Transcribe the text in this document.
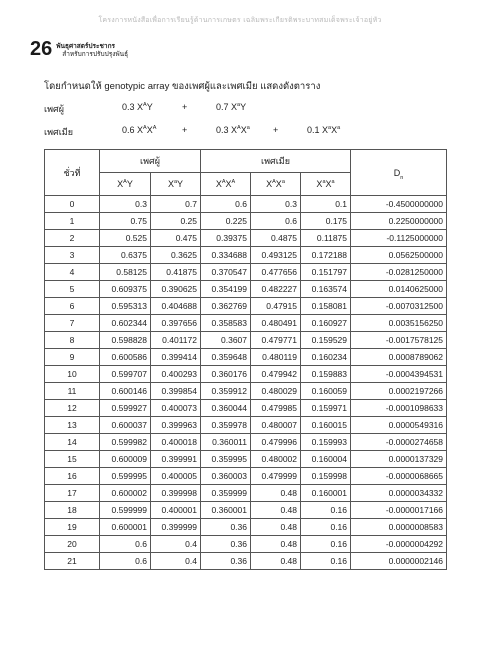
โครงการหนังสือเพื่อการเรียนรู้ด้านการเกษตร เฉลิมพระเกียรติพระบาทสมเด็จพระเจ้าอยู่หัว
26 พันธุศาสตร์ประชากร
สำหรับการปรับปรุงพันธุ์
โดยกำหนดให้ genotypic array ของเพศผู้และเพศเมีย แสดงดังตาราง
เพศผู้	0.3 $X^AY$	+	0.7 $X^aY$
เพศเมีย	0.6 $X^AX^A$	+	0.3 $X^AX^a$	+	0.1 $X^aX^a$
ชั่วที่	เพศผู้		เพศเมีย			$D_n$
	$X^AY$	$X^aY$	$X^AX^A$	$X^AX^a$	$X^aX^a$
0	0.3	0.7	0.6	0.3	0.1	-0.4500000000
1	0.75	0.25	0.225	0.6	0.175	0.2250000000
2	0.525	0.475	0.39375	0.4875	0.11875	-0.1125000000
3	0.6375	0.3625	0.334688	0.493125	0.172188	0.0562500000
4	0.58125	0.41875	0.370547	0.477656	0.151797	-0.0281250000
5	0.609375	0.390625	0.354199	0.482227	0.163574	0.0140625000
6	0.595313	0.404688	0.362769	0.47915	0.158081	-0.0070312500
7	0.602344	0.397656	0.358583	0.480491	0.160927	0.0035156250
8	0.598828	0.401172	0.3607	0.479771	0.159529	-0.0017578125
9	0.600586	0.399414	0.359648	0.480119	0.160234	0.0008789062
10	0.599707	0.400293	0.360176	0.479942	0.159883	-0.0004394531
11	0.600146	0.399854	0.359912	0.480029	0.160059	0.0002197266
12	0.599927	0.400073	0.360044	0.479985	0.159971	-0.0001098633
13	0.600037	0.399963	0.359978	0.480007	0.160015	0.0000549316
14	0.599982	0.400018	0.360011	0.479996	0.159993	-0.0000274658
15	0.600009	0.399991	0.359995	0.480002	0.160004	0.0000137329
16	0.599995	0.400005	0.360003	0.479999	0.159998	-0.0000068665
17	0.600002	0.399998	0.359999	0.48	0.160001	0.0000034332
18	0.599999	0.400001	0.360001	0.48	0.16	-0.0000017166
19	0.600001	0.399999	0.36	0.48	0.16	0.0000008583
20	0.6	0.4	0.36	0.48	0.16	-0.0000004292
21	0.6	0.4	0.36	0.48	0.16	0.0000002146
